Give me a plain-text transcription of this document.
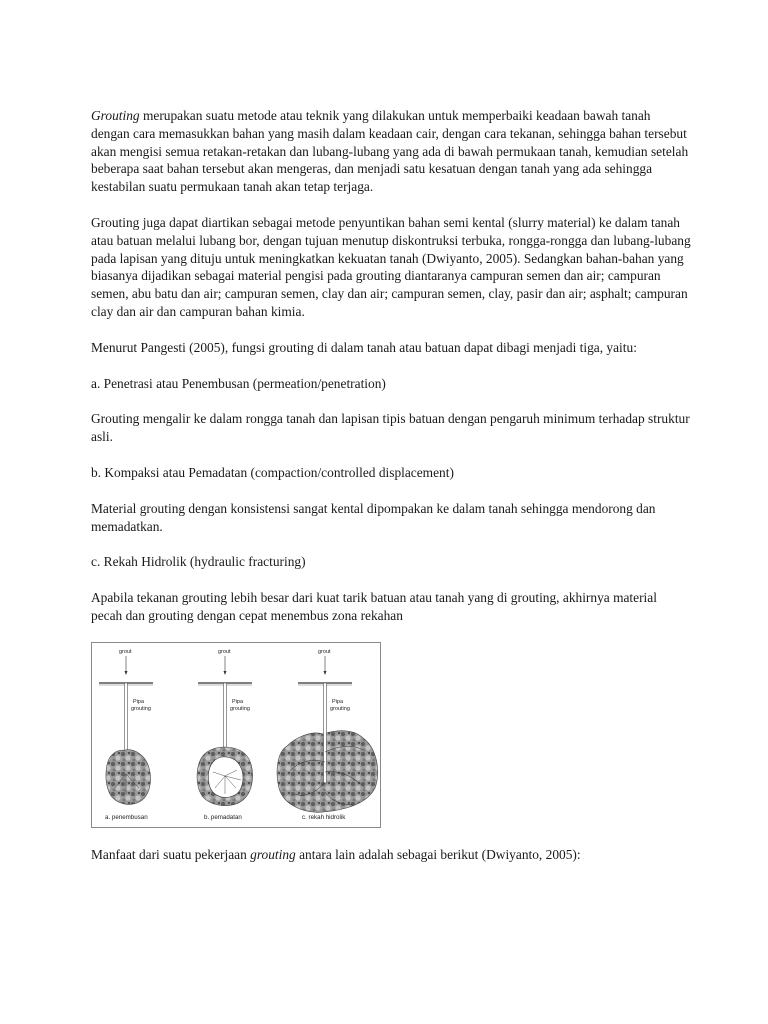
Grouting merupakan suatu metode atau teknik yang dilakukan untuk memperbaiki keadaan bawah tanah dengan cara memasukkan bahan yang masih dalam keadaan cair, dengan cara tekanan, sehingga bahan tersebut akan mengisi semua retakan-retakan dan lubang-lubang yang ada di bawah permukaan tanah, kemudian setelah beberapa saat bahan tersebut akan mengeras, dan menjadi satu kesatuan dengan tanah yang ada sehingga kestabilan suatu permukaan tanah akan tetap terjaga.

Grouting juga dapat diartikan sebagai metode penyuntikan bahan semi kental (slurry material) ke dalam tanah atau batuan melalui lubang bor, dengan tujuan menutup diskontruksi terbuka, rongga-rongga dan lubang-lubang pada lapisan yang dituju untuk meningkatkan kekuatan tanah (Dwiyanto, 2005). Sedangkan bahan-bahan yang biasanya dijadikan sebagai material pengisi pada grouting diantaranya campuran semen dan air; campuran semen, abu batu dan air; campuran semen, clay dan air; campuran semen, clay, pasir dan air; asphalt; campuran clay dan air dan campuran bahan kimia.

Menurut Pangesti (2005), fungsi grouting di dalam tanah atau batuan dapat dibagi menjadi tiga, yaitu:

a. Penetrasi atau Penembusan (permeation/penetration)

Grouting mengalir ke dalam rongga tanah dan lapisan tipis batuan dengan pengaruh minimum terhadap struktur asli.

b. Kompaksi atau Pemadatan (compaction/controlled displacement)

Material grouting dengan konsistensi sangat kental dipompakan ke dalam tanah sehingga mendorong dan memadatkan.

c. Rekah Hidrolik (hydraulic fracturing)

Apabila tekanan grouting lebih besar dari kuat tarik batuan atau tanah yang di grouting, akhirnya material pecah dan grouting dengan cepat menembus zona rekahan

grout
Pipa
grouting
a. penembusan
grout
Pipa
grouting
b. pemadatan
grout
Pipa
grouting
c. rekah hidrolik

Manfaat dari suatu pekerjaan grouting antara lain adalah sebagai berikut (Dwiyanto, 2005):
